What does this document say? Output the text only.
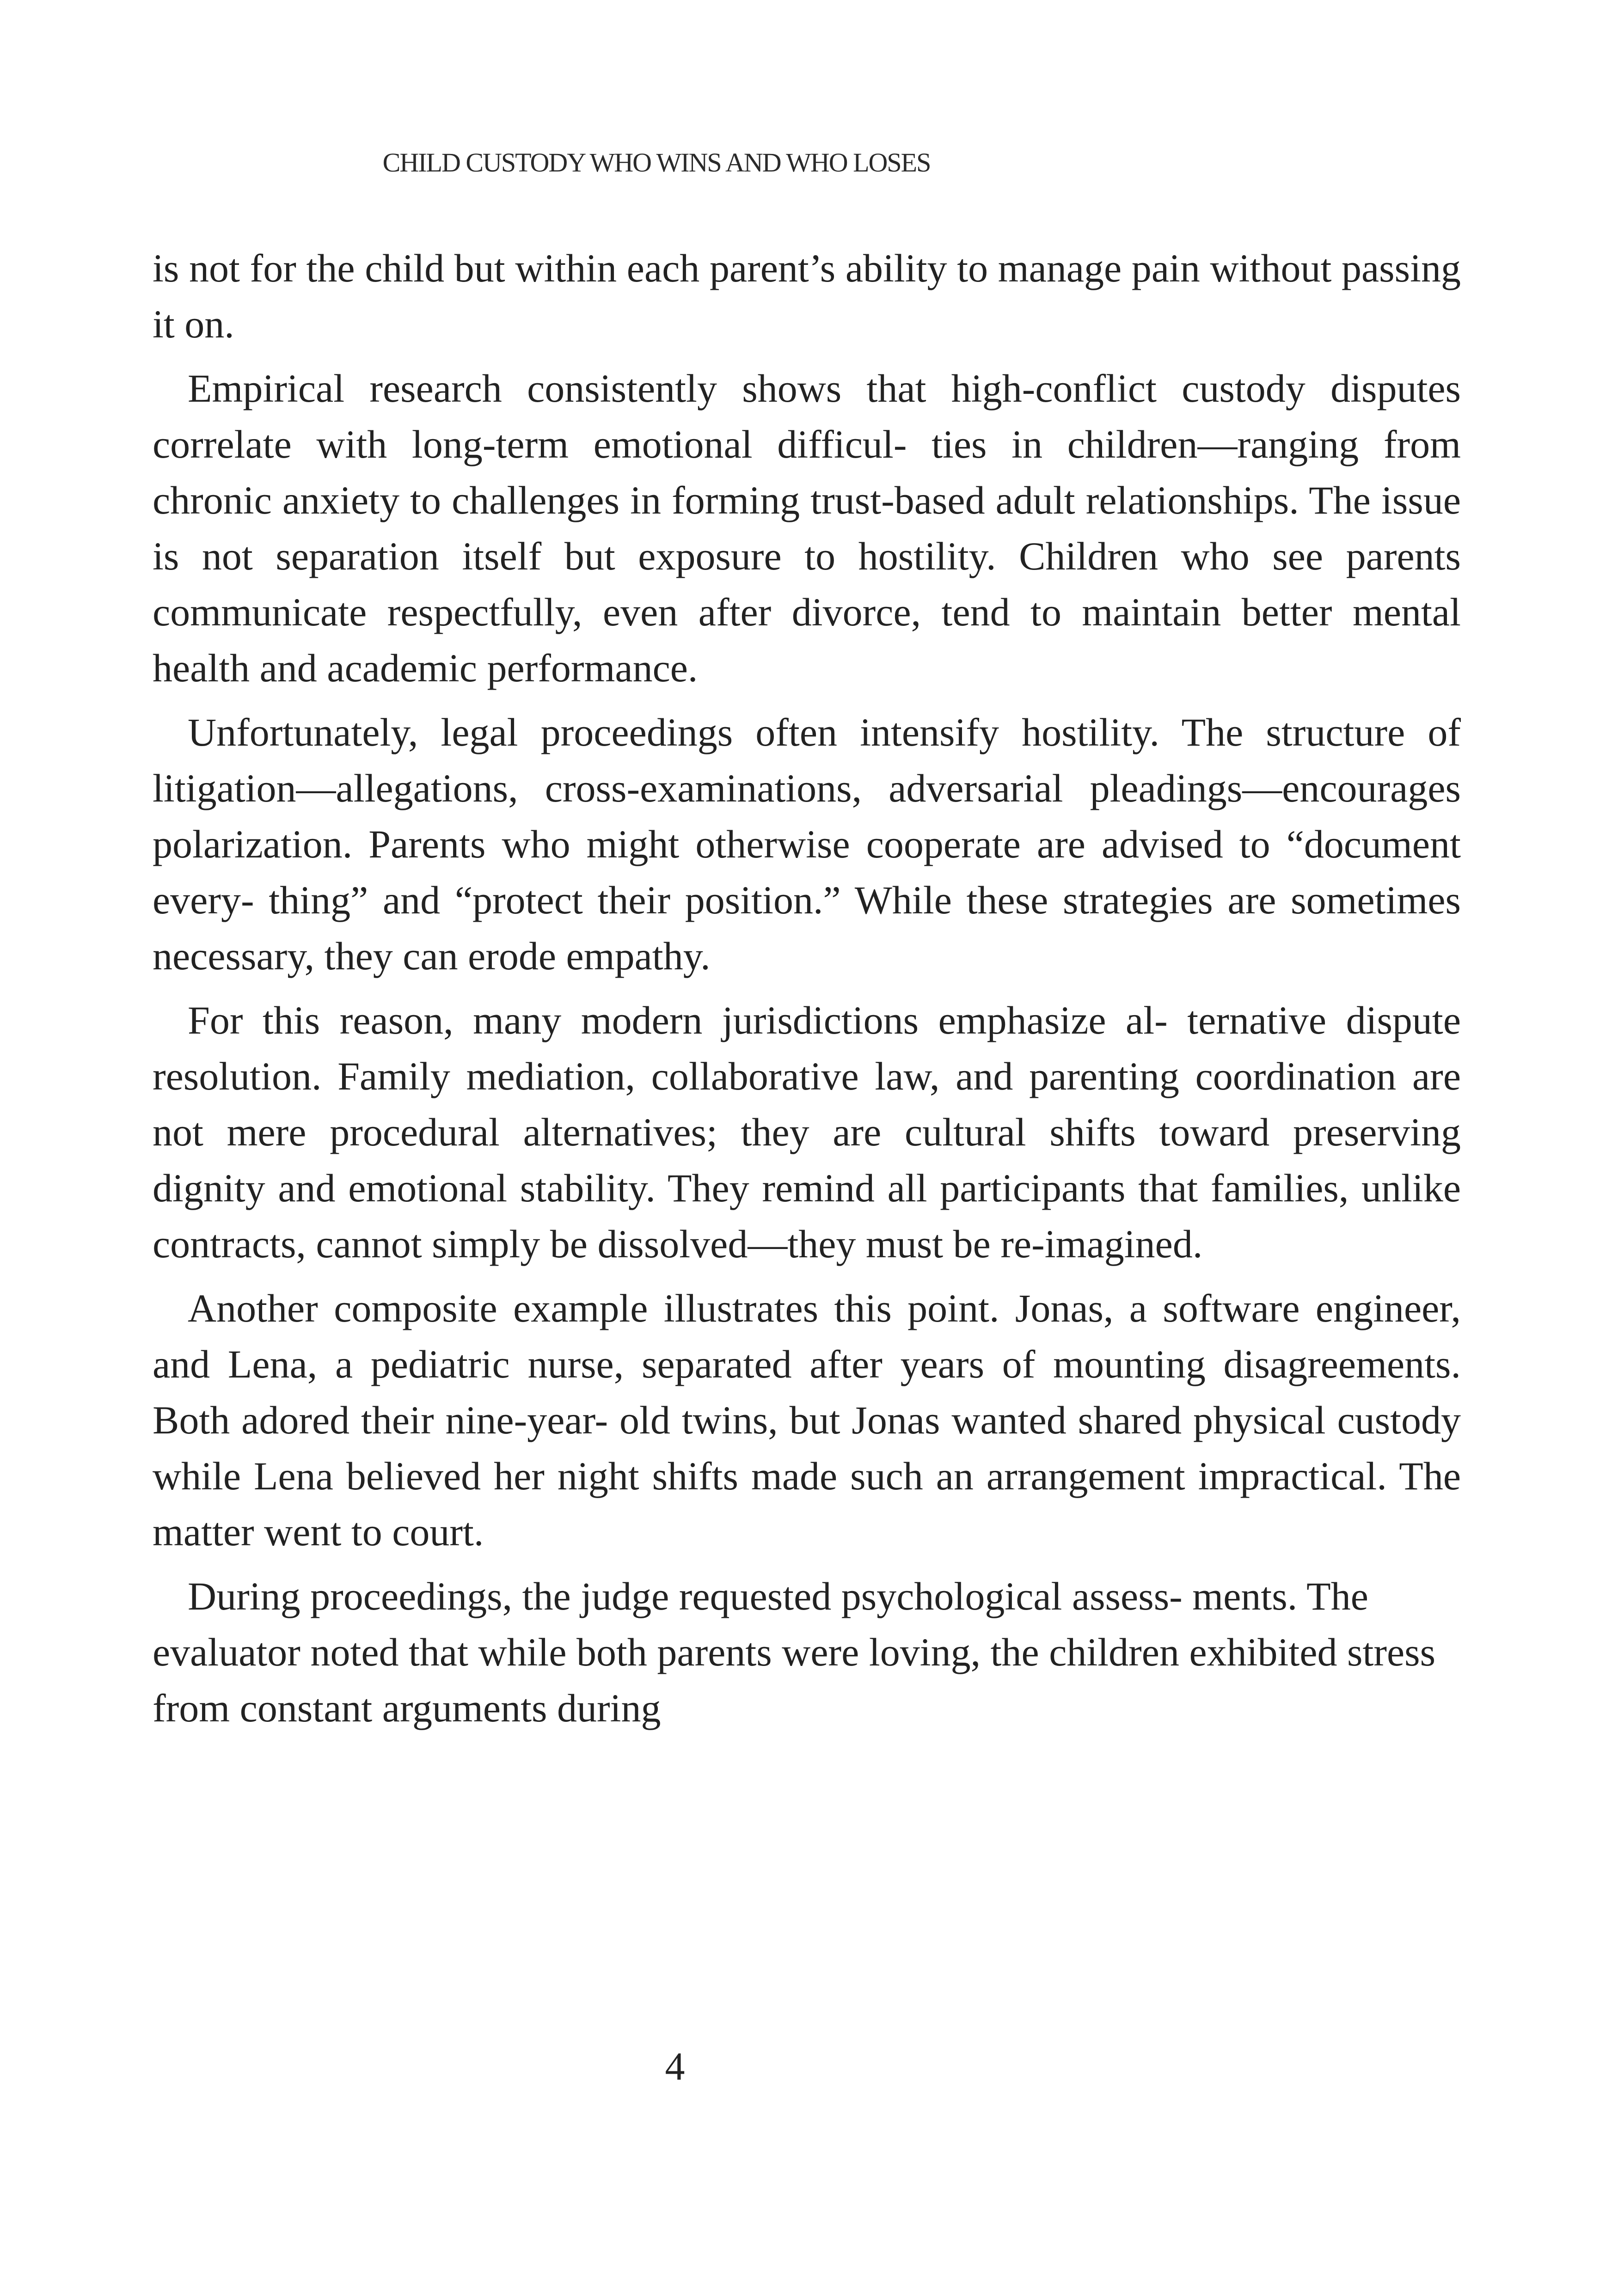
CHILD CUSTODY WHO WINS AND WHO LOSES

is not for the child but within each parent’s ability to manage pain without passing it on.

Empirical research consistently shows that high-conflict custody disputes correlate with long-term emotional difficul- ties in children—ranging from chronic anxiety to challenges in forming trust-based adult relationships. The issue is not separation itself but exposure to hostility. Children who see parents communicate respectfully, even after divorce, tend to maintain better mental health and academic performance.

Unfortunately, legal proceedings often intensify hostility. The structure of litigation—allegations, cross-examinations, adversarial pleadings—encourages polarization. Parents who might otherwise cooperate are advised to “document every- thing” and “protect their position.” While these strategies are sometimes necessary, they can erode empathy.

For this reason, many modern jurisdictions emphasize al- ternative dispute resolution. Family mediation, collaborative law, and parenting coordination are not mere procedural alternatives; they are cultural shifts toward preserving dignity and emotional stability. They remind all participants that families, unlike contracts, cannot simply be dissolved—they must be re-imagined.

Another composite example illustrates this point. Jonas, a software engineer, and Lena, a pediatric nurse, separated after years of mounting disagreements. Both adored their nine-year- old twins, but Jonas wanted shared physical custody while Lena believed her night shifts made such an arrangement impractical. The matter went to court.

During proceedings, the judge requested psychological assess- ments. The evaluator noted that while both parents were loving, the children exhibited stress from constant arguments during

4
